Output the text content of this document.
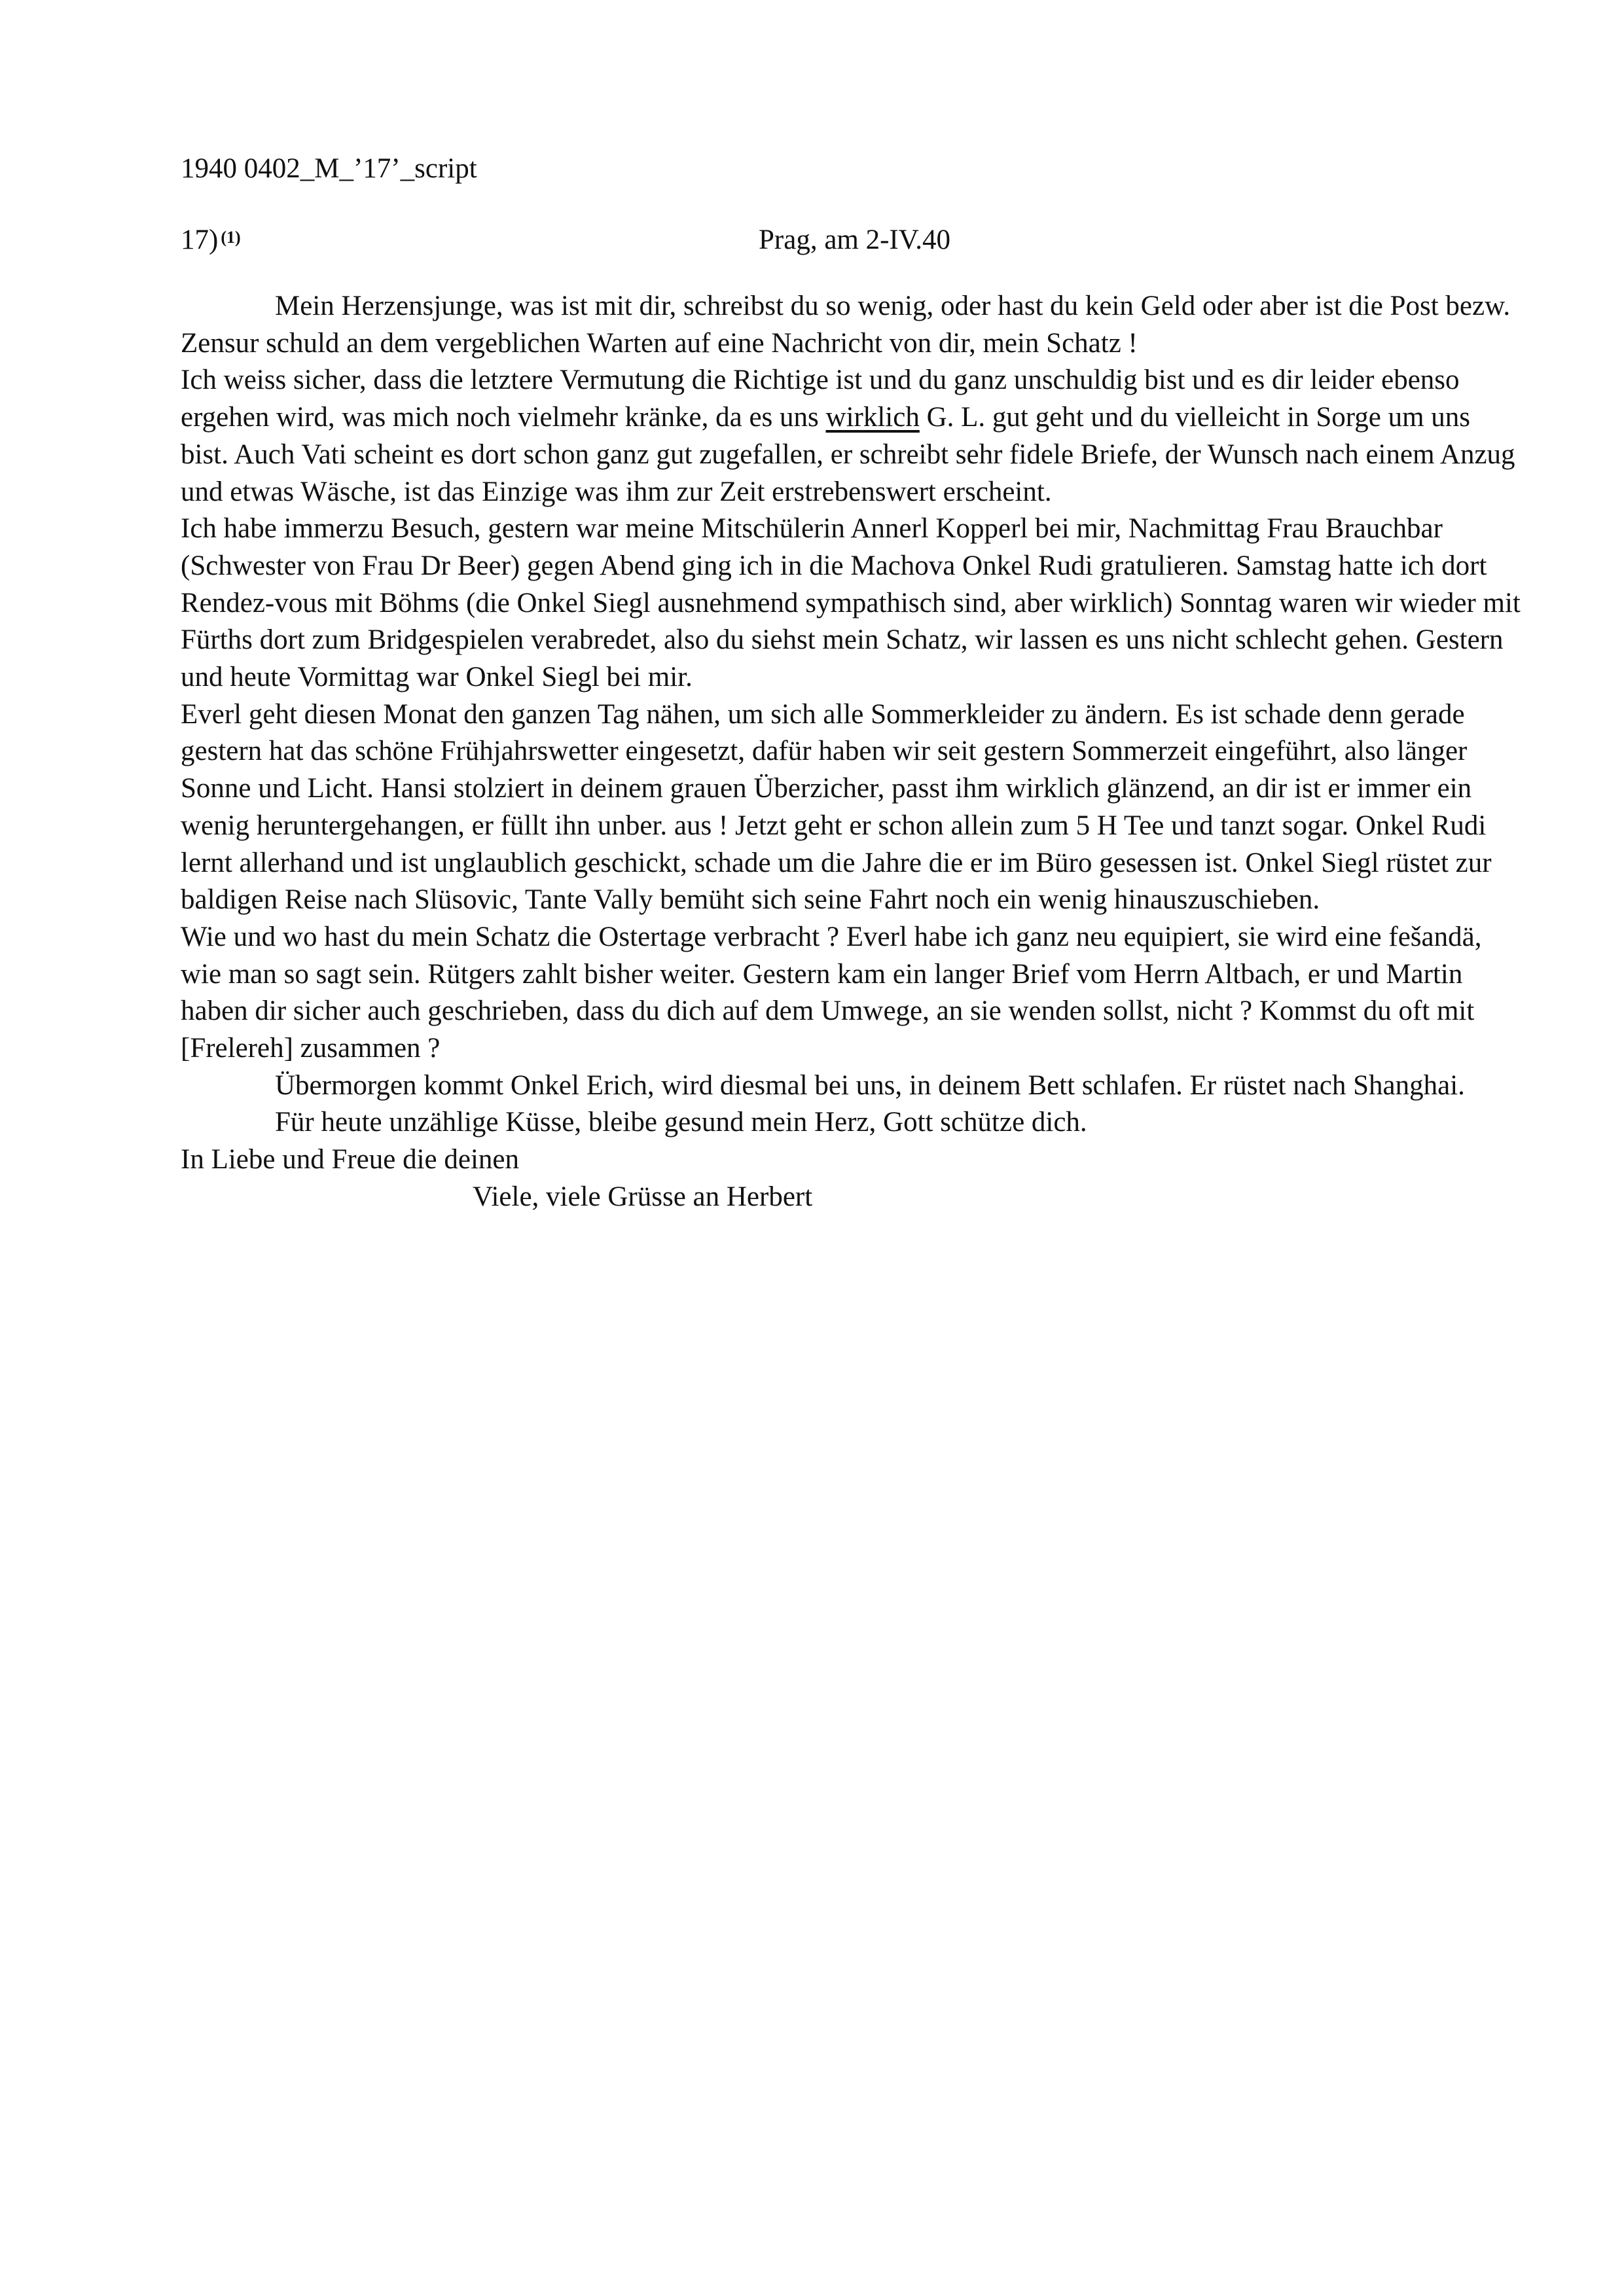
1940 0402_M_’17’_script
17) $^{(1)}$	Prag, am 2-IV.40

Mein Herzensjunge, was ist mit dir, schreibst du so wenig, oder hast du kein Geld oder aber ist die Post bezw. Zensur schuld an dem vergeblichen Warten auf eine Nachricht von dir, mein Schatz !

Ich weiss sicher, dass die letztere Vermutung die Richtige ist und du ganz unschuldig bist und es dir leider ebenso ergehen wird, was mich noch vielmehr kränke, da es uns wirklich G. L. gut geht und du vielleicht in Sorge um uns bist. Auch Vati scheint es dort schon ganz gut zugefallen, er schreibt sehr fidele Briefe, der Wunsch nach einem Anzug und etwas Wäsche, ist das Einzige was ihm zur Zeit erstrebenswert erscheint.

Ich habe immerzu Besuch, gestern war meine Mitschülerin Annerl Kopperl bei mir, Nachmittag Frau Brauchbar (Schwester von Frau Dr Beer) gegen Abend ging ich in die Machova Onkel Rudi gratulieren. Samstag hatte ich dort Rendez-vous mit Böhms (die Onkel Siegl ausnehmend sympathisch sind, aber wirklich) Sonntag waren wir wieder mit Fürths dort zum Bridgespielen verabredet, also du siehst mein Schatz, wir lassen es uns nicht schlecht gehen. Gestern und heute Vormittag war Onkel Siegl bei mir.

Everl geht diesen Monat den ganzen Tag nähen, um sich alle Sommerkleider zu ändern. Es ist schade denn gerade gestern hat das schöne Frühjahrswetter eingesetzt, dafür haben wir seit gestern Sommerzeit eingeführt, also länger Sonne und Licht. Hansi stolziert in deinem grauen Überzicher, passt ihm wirklich glänzend, an dir ist er immer ein wenig heruntergehangen, er füllt ihn unber. aus ! Jetzt geht er schon allein zum 5 H Tee und tanzt sogar. Onkel Rudi lernt allerhand und ist unglaublich geschickt, schade um die Jahre die er im Büro gesessen ist. Onkel Siegl rüstet zur baldigen Reise nach Slüsovic, Tante Vally bemüht sich seine Fahrt noch ein wenig hinauszuschieben.

Wie und wo hast du mein Schatz die Ostertage verbracht ? Everl habe ich ganz neu equipiert, sie wird eine fešandä, wie man so sagt sein. Rütgers zahlt bisher weiter. Gestern kam ein langer Brief vom Herrn Altbach, er und Martin haben dir sicher auch geschrieben, dass du dich auf dem Umwege, an sie wenden sollst, nicht ? Kommst du oft mit [Frelereh] zusammen ?

Übermorgen kommt Onkel Erich, wird diesmal bei uns, in deinem Bett schlafen. Er rüstet nach Shanghai.

Für heute unzählige Küsse, bleibe gesund mein Herz, Gott schütze dich.

In Liebe und Freue die deinen

Viele, viele Grüsse an Herbert
